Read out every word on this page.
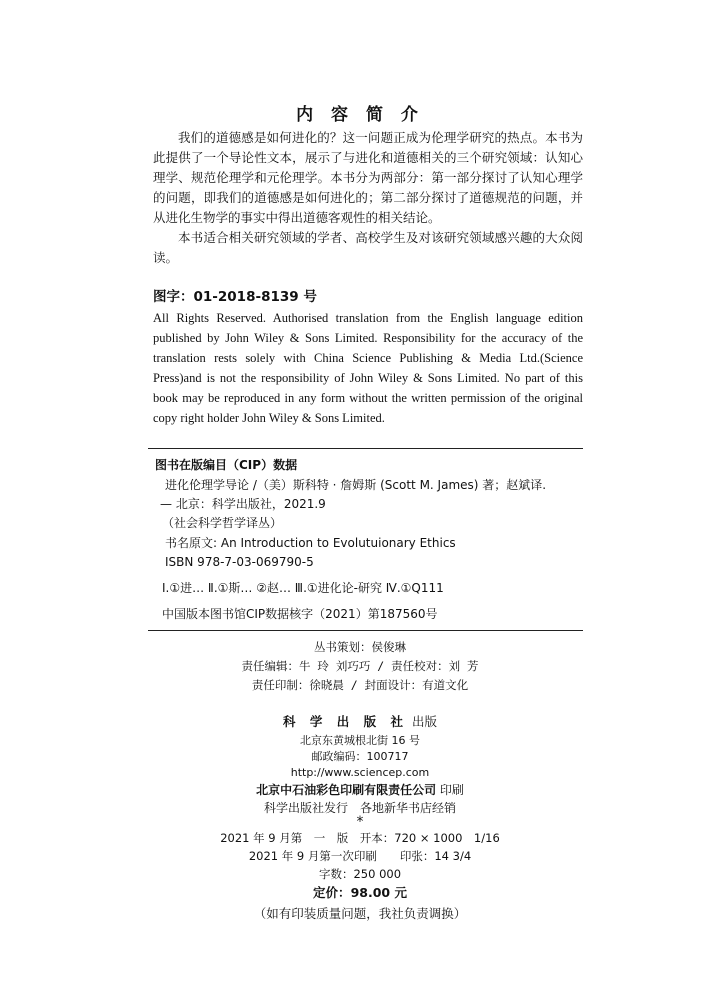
内 容 简 介
我们的道德感是如何进化的？这一问题正成为伦理学研究的热点。本书为此提供了一个导论性文本，展示了与进化和道德相关的三个研究领域：认知心理学、规范伦理学和元伦理学。本书分为两部分：第一部分探讨了认知心理学的问题，即我们的道德感是如何进化的；第二部分探讨了道德规范的问题，并从进化生物学的事实中得出道德客观性的相关结论。
本书适合相关研究领域的学者、高校学生及对该研究领域感兴趣的大众阅读。
图字：01-2018-8139 号
All Rights Reserved. Authorised translation from the English language edition published by John Wiley & Sons Limited. Responsibility for the accuracy of the translation rests solely with China Science Publishing & Media Ltd.(Science Press)and is not the responsibility of John Wiley & Sons Limited. No part of this book may be reproduced in any form without the written permission of the original copy right holder John Wiley & Sons Limited.
图书在版编目（CIP）数据
进化伦理学导论 /（美）斯科特 · 詹姆斯 (Scott M. James) 著；赵斌译.
— 北京：科学出版社，2021.9
（社会科学哲学译丛）
书名原文: An Introduction to Evolutuionary Ethics
ISBN 978-7-03-069790-5
Ⅰ.①进… Ⅱ.①斯… ②赵… Ⅲ.①进化论-研究 Ⅳ.①Q111
中国版本图书馆CIP数据核字（2021）第187560号
丛书策划：侯俊琳
责任编辑：牛 玲 刘巧巧 / 责任校对：刘 芳
责任印制：徐晓晨 / 封面设计：有道文化
科 学 出 版 社 出版
北京东黄城根北街 16 号
邮政编码：100717
http://www.sciencep.com
北京中石油彩色印刷有限责任公司 印刷
科学出版社发行　各地新华书店经销
*
2021 年 9 月第　一　版　开本：720 × 1000　1/16
2021 年 9 月第一次印刷　　印张：14 3/4
字数：250 000
定价：98.00 元
（如有印装质量问题，我社负责调换）
